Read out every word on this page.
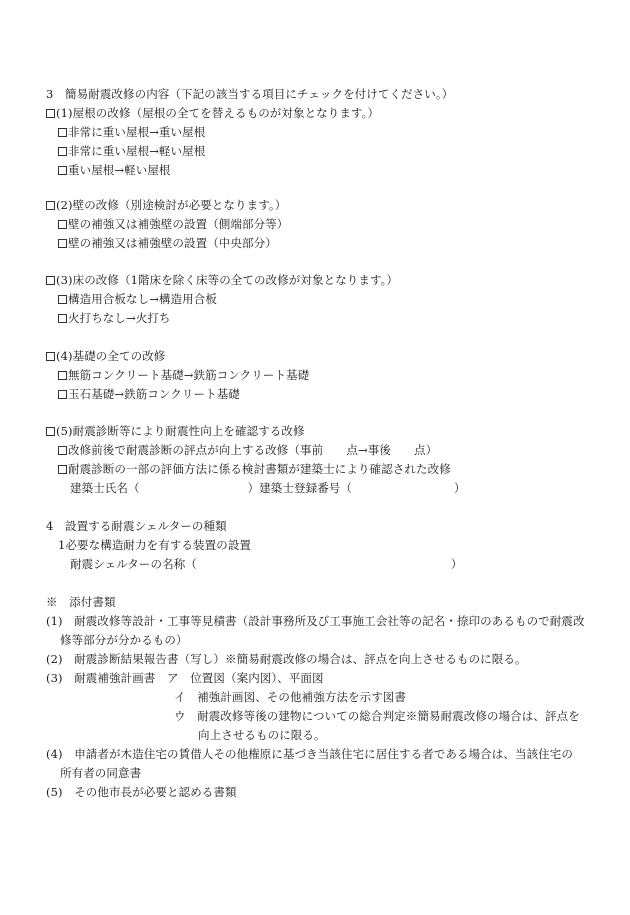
3　簡易耐震改修の内容（下記の該当する項目にチェックを付けてください。）
(1)屋根の改修（屋根の全てを替えるものが対象となります。）
非常に重い屋根→重い屋根
非常に重い屋根→軽い屋根
重い屋根→軽い屋根
(2)壁の改修（別途検討が必要となります。）
壁の補強又は補強壁の設置（側端部分等）
壁の補強又は補強壁の設置（中央部分）
(3)床の改修（1階床を除く床等の全ての改修が対象となります。）
構造用合板なし→構造用合板
火打ちなし→火打ち
(4)基礎の全ての改修
無筋コンクリート基礎→鉄筋コンクリート基礎
玉石基礎→鉄筋コンクリート基礎
(5)耐震診断等により耐震性向上を確認する改修
改修前後で耐震診断の評点が向上する改修（事前　　点→事後　　点）
耐震診断の一部の評価方法に係る検討書類が建築士により確認された改修
建築士氏名（	）建築士登録番号（	）
4　設置する耐震シェルターの種類
1必要な構造耐力を有する装置の設置
耐震シェルターの名称（	）
※　添付書類
(1)　耐震改修等設計・工事等見積書（設計事務所及び工事施工会社等の記名・捺印のあるもので耐震改
修等部分が分かるもの）
(2)　耐震診断結果報告書（写し）※簡易耐震改修の場合は、評点を向上させるものに限る。
(3)　耐震補強計画書　ア　位置図（案内図）、平面図
イ　補強計画図、その他補強方法を示す図書
ウ　耐震改修等後の建物についての総合判定※簡易耐震改修の場合は、評点を
向上させるものに限る。
(4)　申請者が木造住宅の賃借人その他権原に基づき当該住宅に居住する者である場合は、当該住宅の
所有者の同意書
(5)　その他市長が必要と認める書類
